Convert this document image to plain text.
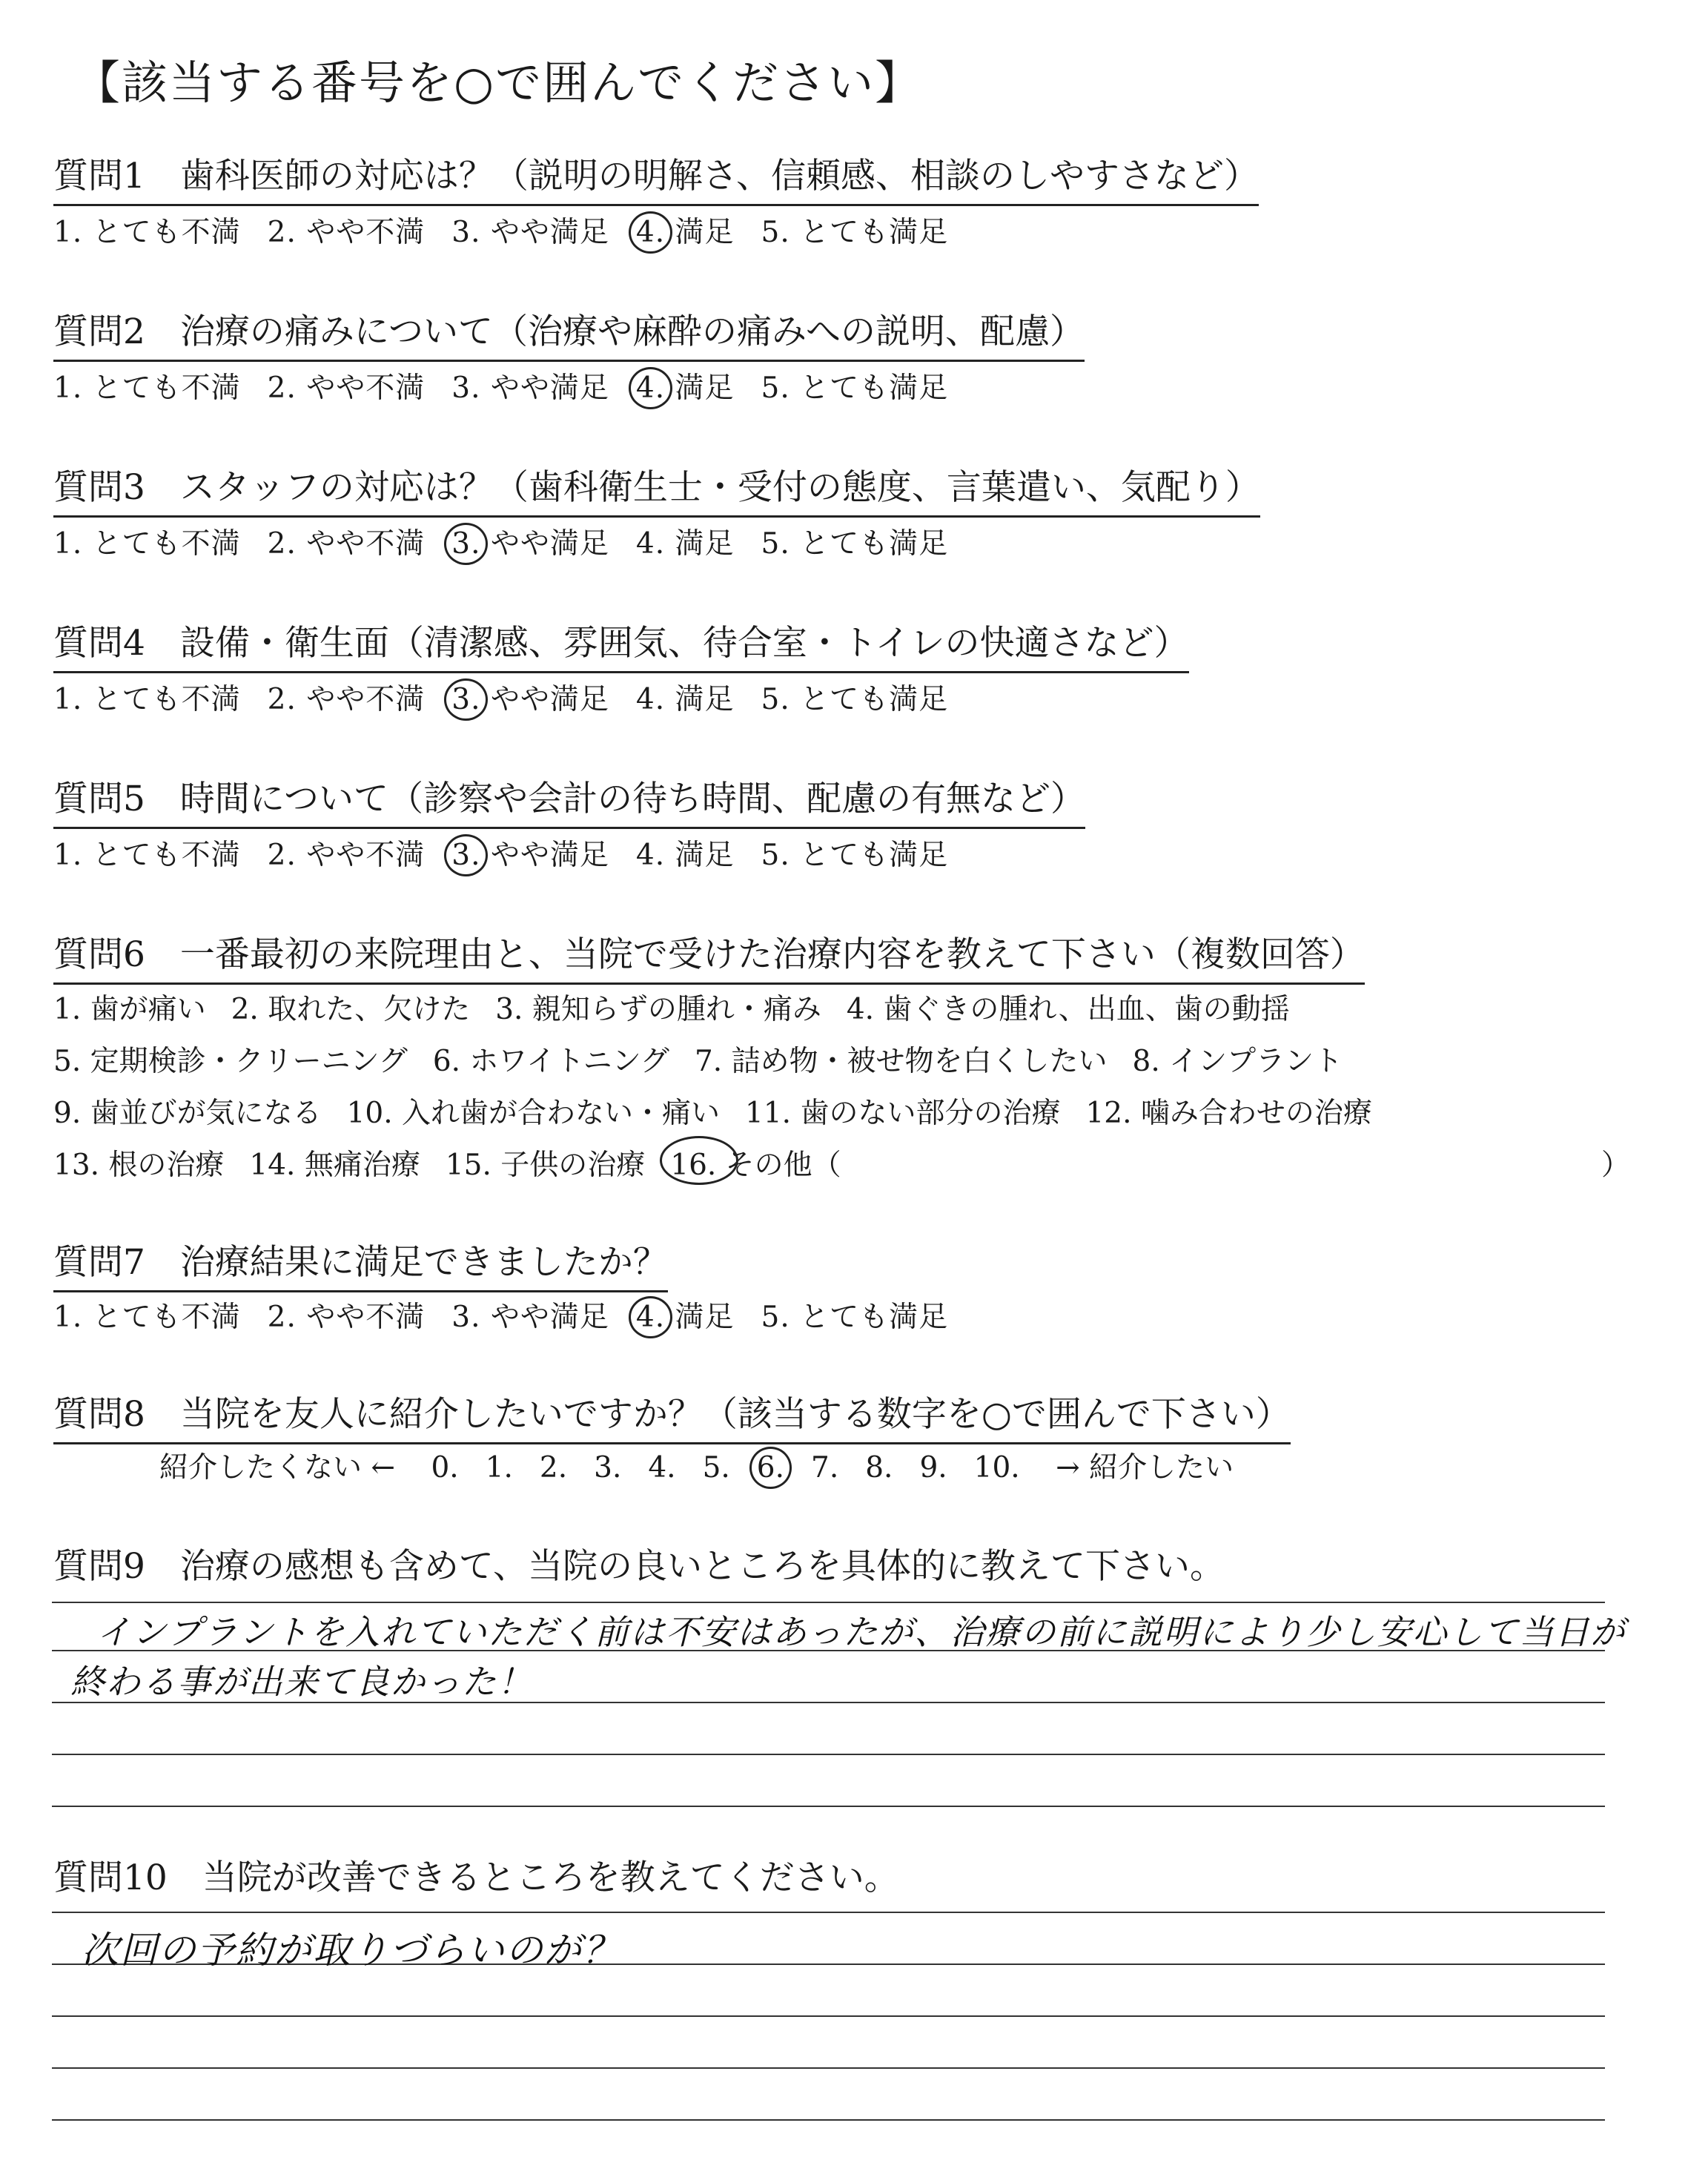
【該当する番号を○で囲んでください】
質問1　歯科医師の対応は？（説明の明解さ、信頼感、相談のしやすさなど）
1. とても不満 2. やや不満 3. やや満足 4. 満足 5. とても満足
質問2　治療の痛みについて（治療や麻酔の痛みへの説明、配慮）
1. とても不満 2. やや不満 3. やや満足 4. 満足 5. とても満足
質問3　スタッフの対応は？（歯科衛生士・受付の態度、言葉遣い、気配り）
1. とても不満 2. やや不満 3. やや満足 4. 満足 5. とても満足
質問4　設備・衛生面（清潔感、雰囲気、待合室・トイレの快適さなど）
1. とても不満 2. やや不満 3. やや満足 4. 満足 5. とても満足
質問5　時間について（診察や会計の待ち時間、配慮の有無など）
1. とても不満 2. やや不満 3. やや満足 4. 満足 5. とても満足
質問6　一番最初の来院理由と、当院で受けた治療内容を教えて下さい（複数回答）
1. 歯が痛い 2. 取れた、欠けた 3. 親知らずの腫れ・痛み 4. 歯ぐきの腫れ、出血、歯の動揺
5. 定期検診・クリーニング 6. ホワイトニング 7. 詰め物・被せ物を白くしたい 8. インプラント
9. 歯並びが気になる 10. 入れ歯が合わない・痛い 11. 歯のない部分の治療 12. 噛み合わせの治療
13. 根の治療 14. 無痛治療 15. 子供の治療 16. その他（	）
質問7　治療結果に満足できましたか？
1. とても不満 2. やや不満 3. やや満足 4. 満足 5. とても満足
質問8　当院を友人に紹介したいですか？（該当する数字を○で囲んで下さい）
紹介したくない ← 0. 1. 2. 3. 4. 5. 6. 7. 8. 9. 10. → 紹介したい
質問9　治療の感想も含めて、当院の良いところを具体的に教えて下さい。
インプラントを入れていただく前は不安はあったが、治療の前に説明により少し安心して当日が
終わる事が出来て良かった！
質問10　当院が改善できるところを教えてください。
次回の予約が取りづらいのが？
